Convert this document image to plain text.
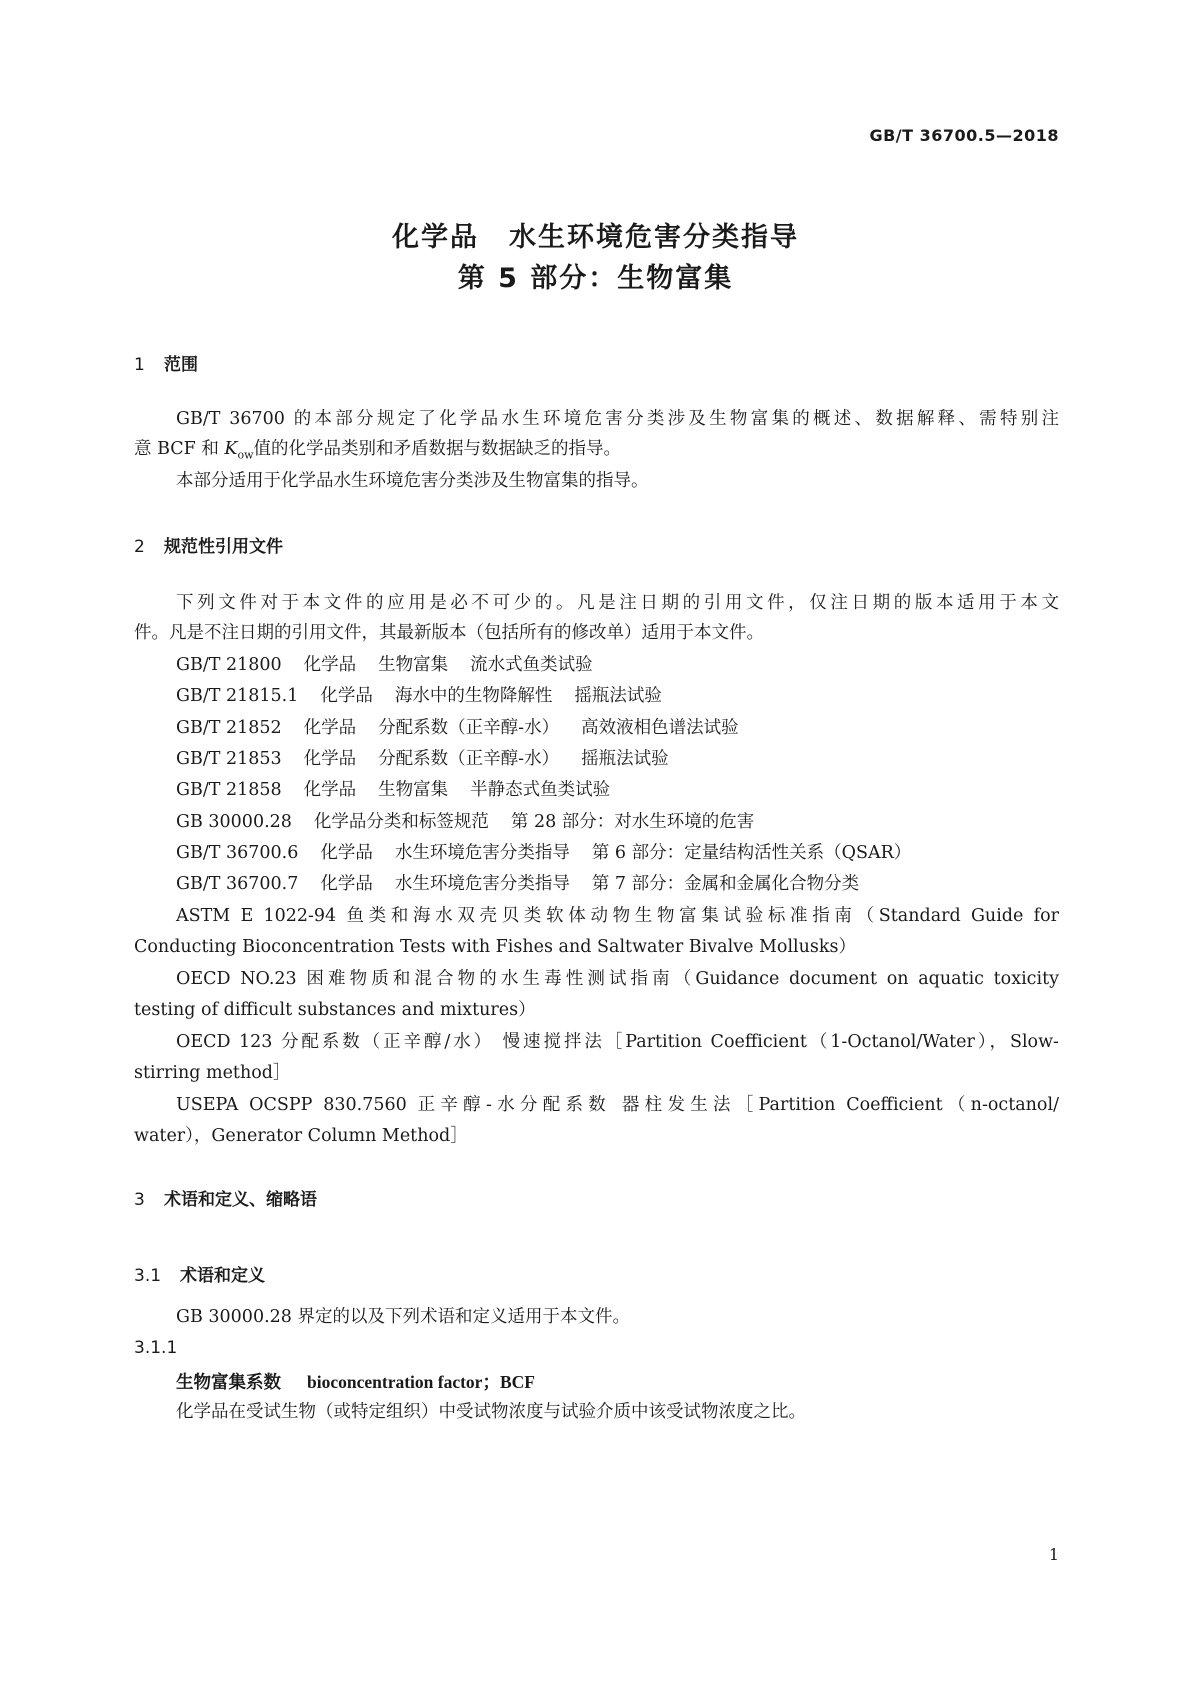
GB/T 36700.5—2018
化学品 水生环境危害分类指导
第 5 部分：生物富集
1 范围
GB/T 36700 的本部分规定了化学品水生环境危害分类涉及生物富集的概述、数据解释、需特别注
意 BCF 和 $K_{ow}$值的化学品类别和矛盾数据与数据缺乏的指导。
本部分适用于化学品水生环境危害分类涉及生物富集的指导。
2 规范性引用文件
下列文件对于本文件的应用是必不可少的。凡是注日期的引用文件，仅注日期的版本适用于本文
件。凡是不注日期的引用文件，其最新版本（包括所有的修改单）适用于本文件。
GB/T 21800 化学品 生物富集 流水式鱼类试验
GB/T 21815.1 化学品 海水中的生物降解性 摇瓶法试验
GB/T 21852 化学品 分配系数（正辛醇-水） 高效液相色谱法试验
GB/T 21853 化学品 分配系数（正辛醇-水） 摇瓶法试验
GB/T 21858 化学品 生物富集 半静态式鱼类试验
GB 30000.28 化学品分类和标签规范 第 28 部分：对水生环境的危害
GB/T 36700.6 化学品 水生环境危害分类指导 第 6 部分：定量结构活性关系（QSAR）
GB/T 36700.7 化学品 水生环境危害分类指导 第 7 部分：金属和金属化合物分类
ASTM E 1022-94 鱼类和海水双壳贝类软体动物生物富集试验标准指南（Standard Guide for
Conducting Bioconcentration Tests with Fishes and Saltwater Bivalve Mollusks）
OECD NO.23 困难物质和混合物的水生毒性测试指南（Guidance document on aquatic toxicity
testing of difficult substances and mixtures）
OECD 123 分配系数（正辛醇/水） 慢速搅拌法［Partition Coefficient（1-Octanol/Water），Slow-
stirring method］
USEPA OCSPP 830.7560 正辛醇-水分配系数 器柱发生法［Partition Coefficient（n-octanol/
water），Generator Column Method］
3 术语和定义、缩略语
3.1 术语和定义
GB 30000.28 界定的以及下列术语和定义适用于本文件。
3.1.1
生物富集系数 bioconcentration factor；BCF
化学品在受试生物（或特定组织）中受试物浓度与试验介质中该受试物浓度之比。
1
